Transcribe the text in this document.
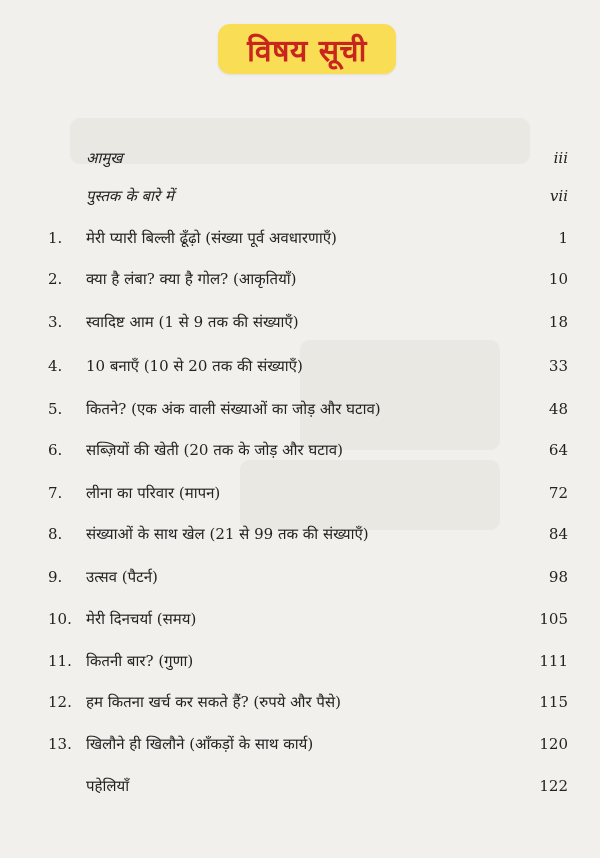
विषय सूची
आमुख	iii
पुस्तक के बारे में	vii
1. मेरी प्यारी बिल्ली ढूँढ़ो (संख्या पूर्व अवधारणाएँ)	1
2. क्या है लंबा? क्या है गोल? (आकृतियाँ)	10
3. स्वादिष्ट आम (1 से 9 तक की संख्याएँ)	18
4. 10 बनाएँ (10 से 20 तक की संख्याएँ)	33
5. कितने? (एक अंक वाली संख्याओं का जोड़ और घटाव)	48
6. सब्ज़ियों की खेती (20 तक के जोड़ और घटाव)	64
7. लीना का परिवार (मापन)	72
8. संख्याओं के साथ खेल (21 से 99 तक की संख्याएँ)	84
9. उत्सव (पैटर्न)	98
10. मेरी दिनचर्या (समय)	105
11. कितनी बार? (गुणा)	111
12. हम कितना खर्च कर सकते हैं? (रुपये और पैसे)	115
13. खिलौने ही खिलौने (आँकड़ों के साथ कार्य)	120
पहेलियाँ	122
